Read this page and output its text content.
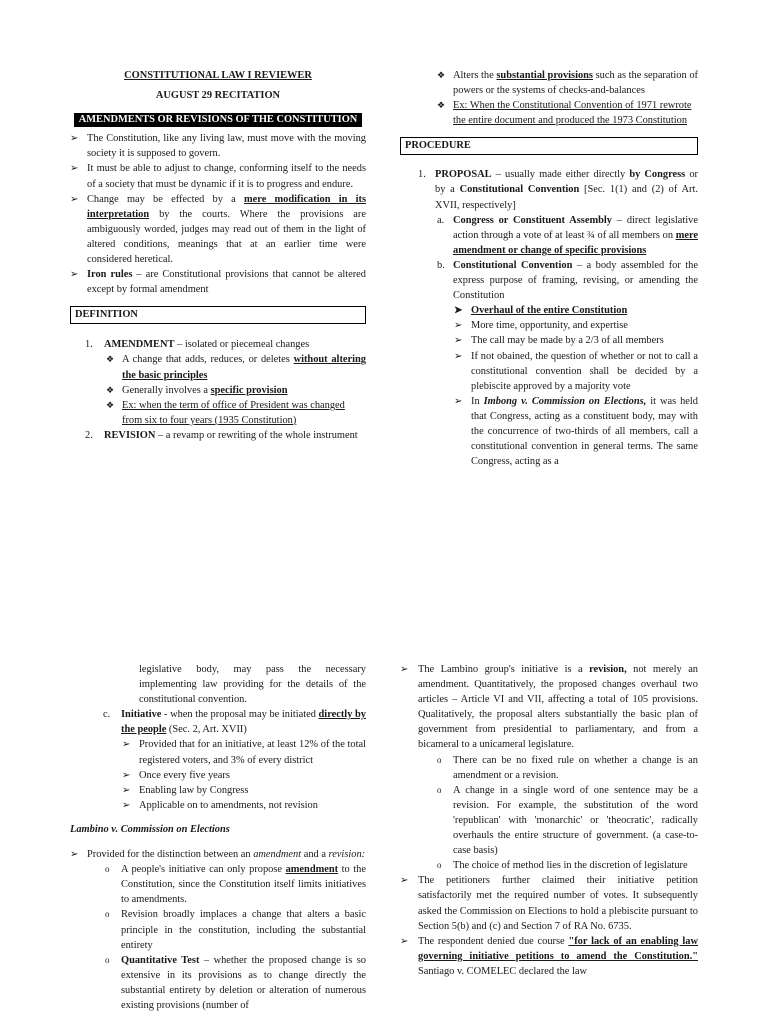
CONSTITUTIONAL LAW I REVIEWER

AUGUST 29 RECITATION

AMENDMENTS OR REVISIONS OF THE CONSTITUTION
➢
The Constitution, like any living law, must move with the moving society it is supposed to govern.
➢
It must be able to adjust to change, conforming itself to the needs of a society that must be dynamic if it is to progress and endure.
➢
Change may be effected by a mere modification in its interpretation by the courts. Where the provisions are ambiguously worded, judges may read out of them in the light of altered conditions, meanings that at an earlier time were considered heretical.
➢
Iron rules – are Constitutional provisions that cannot be altered except by formal amendment
DEFINITION
1. AMENDMENT – isolated or piecemeal changes
❖
A change that adds, reduces, or deletes without altering the basic principles
❖
Generally involves a specific provision
❖
Ex: when the term of office of President was changed from six to four years (1935 Constitution)
2. REVISION – a revamp or rewriting of the whole instrument
❖
Alters the substantial provisions such as the separation of powers or the systems of checks-and-balances
❖
Ex: When the Constitutional Convention of 1971 rewrote the entire document and produced the 1973 Constitution
PROCEDURE
1. PROPOSAL – usually made either directly by Congress or by a Constitutional Convention [Sec. 1(1) and (2) of Art. XVII, respectively]
a. Congress or Constituent Assembly – direct legislative action through a vote of at least ¾ of all members on mere amendment or change of specific provisions
b. Constitutional Convention – a body assembled for the express purpose of framing, revising, or amending the Constitution
➤
Overhaul of the entire Constitution
➢
More time, opportunity, and expertise
➢
The call may be made by a 2/3 of all members
➢
If not obained, the question of whether or not to call a constitutional convention shall be decided by a plebiscite approved by a majority vote
➢
In Imbong v. Commission on Elections, it was held that Congress, acting as a constituent body, may with the concurrence of two-thirds of all members, call a constitutional convention in general terms. The same Congress, acting as a
legislative body, may pass the necessary implementing law providing for the details of the constitutional convention.
c. Initiative - when the proposal may be initiated directly by the people (Sec. 2, Art. XVII)
➢
Provided that for an initiative, at least 12% of the total registered voters, and 3% of every district
➢
Once every five years
➢
Enabling law by Congress
➢
Applicable on to amendments, not revision

Lambino v. Commission on Elections

➢
Provided for the distinction between an amendment and a revision:
o
A people's initiative can only propose amendment to the Constitution, since the Constitution itself limits initiatives to amendments.
o
Revision broadly implaces a change that alters a basic principle in the constitution, including the substantial entirety
o
Quantitative Test – whether the proposed change is so extensive in its provisions as to change directly the substantial entirety by deletion or alteration of numerous existing provisions (number of
➢
The Lambino group's initiative is a revision, not merely an amendment. Quantitatively, the proposed changes overhaul two articles – Article VI and VII, affecting a total of 105 provisions. Qualitatively, the proposal alters substantially the basic plan of government from presidential to parliamentary, and from a bicameral to a unicameral legislature.
o
There can be no fixed rule on whether a change is an amendment or a revision.
o
A change in a single word of one sentence may be a revision. For example, the substitution of the word 'republican' with 'monarchic' or 'theocratic', radically overhauls the entire structure of government. (a case-to-case basis)
o
The choice of method lies in the discretion of legislature
➢
The petitioners further claimed their initiative petition satisfactorily met the required number of votes. It subsequently asked the Commission on Elections to hold a plebiscite pursuant to Section 5(b) and (c) and Section 7 of RA No. 6735.
➢
The respondent denied due course "for lack of an enabling law governing initiative petitions to amend the Constitution." Santiago v. COMELEC declared the law
